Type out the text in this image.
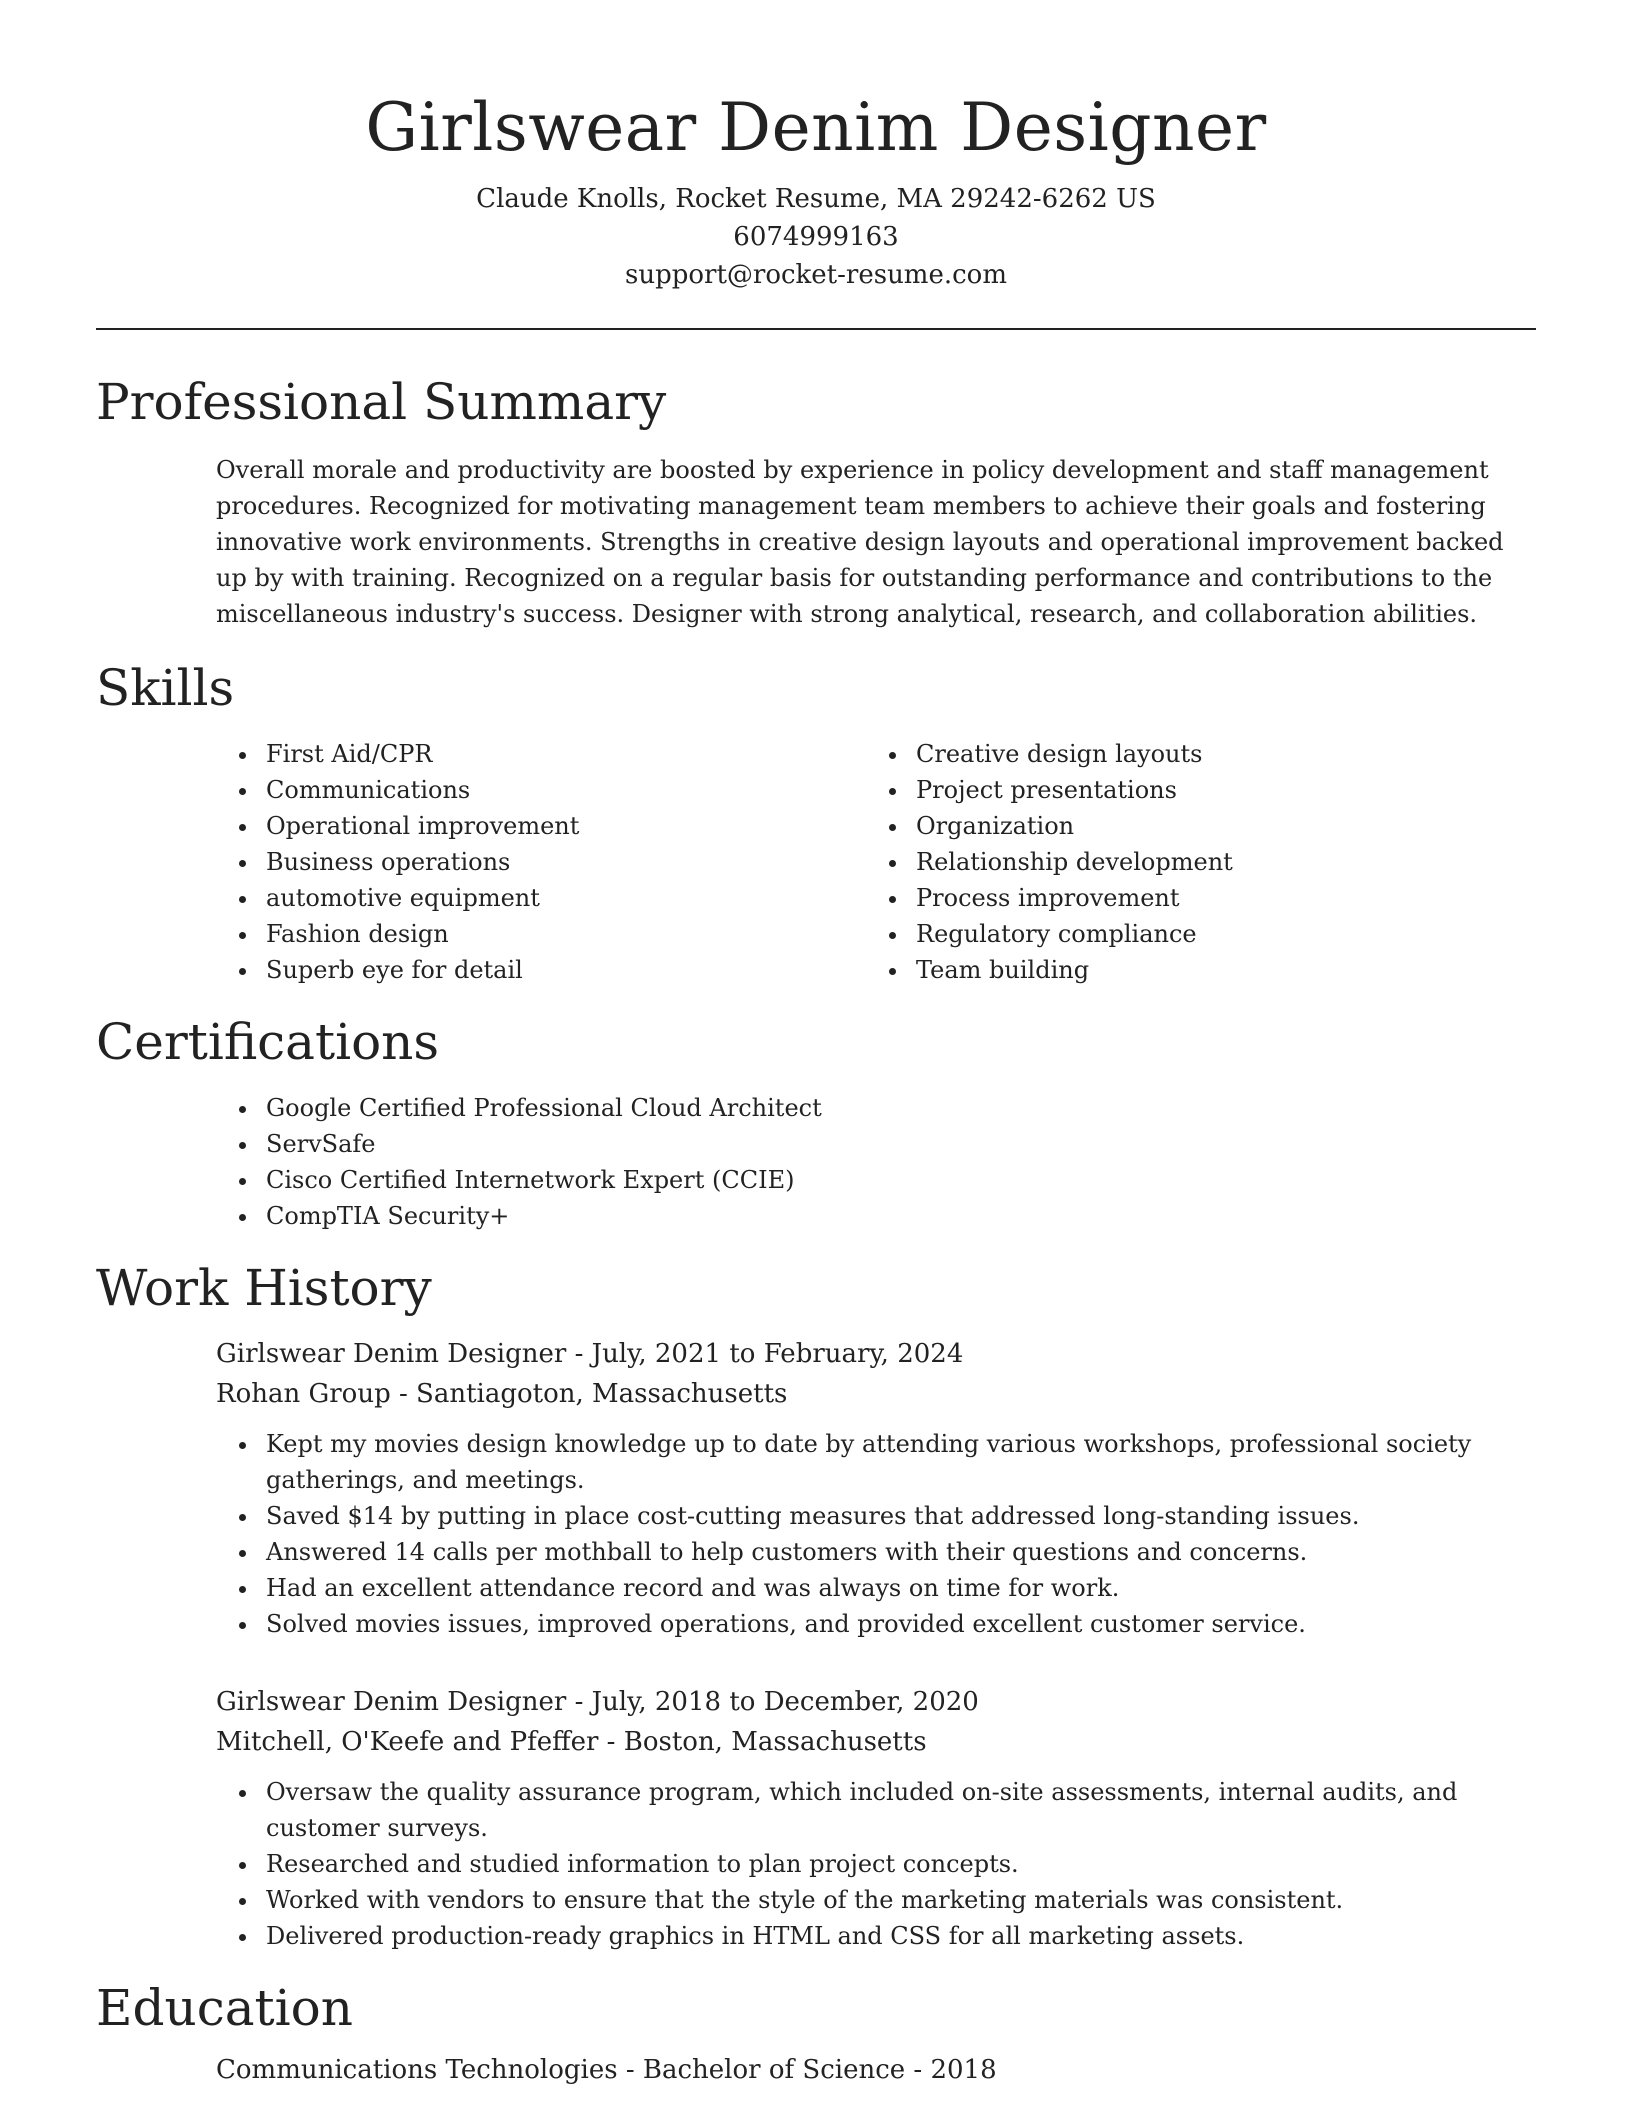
Girlswear Denim Designer
Claude Knolls, Rocket Resume, MA 29242-6262 US
6074999163
support@rocket-resume.com
Professional Summary
Overall morale and productivity are boosted by experience in policy development and staff management procedures. Recognized for motivating management team members to achieve their goals and fostering innovative work environments. Strengths in creative design layouts and operational improvement backed up by with training. Recognized on a regular basis for outstanding performance and contributions to the miscellaneous industry's success. Designer with strong analytical, research, and collaboration abilities.
Skills
• First Aid/CPR
• Communications
• Operational improvement
• Business operations
• automotive equipment
• Fashion design
• Superb eye for detail
• Creative design layouts
• Project presentations
• Organization
• Relationship development
• Process improvement
• Regulatory compliance
• Team building
Certifications
• Google Certified Professional Cloud Architect
• ServSafe
• Cisco Certified Internetwork Expert (CCIE)
• CompTIA Security+
Work History
Girlswear Denim Designer - July, 2021 to February, 2024
Rohan Group - Santiagoton, Massachusetts
• Kept my movies design knowledge up to date by attending various workshops, professional society gatherings, and meetings.
• Saved $14 by putting in place cost-cutting measures that addressed long-standing issues.
• Answered 14 calls per mothball to help customers with their questions and concerns.
• Had an excellent attendance record and was always on time for work.
• Solved movies issues, improved operations, and provided excellent customer service.
Girlswear Denim Designer - July, 2018 to December, 2020
Mitchell, O'Keefe and Pfeffer - Boston, Massachusetts
• Oversaw the quality assurance program, which included on-site assessments, internal audits, and customer surveys.
• Researched and studied information to plan project concepts.
• Worked with vendors to ensure that the style of the marketing materials was consistent.
• Delivered production-ready graphics in HTML and CSS for all marketing assets.
Education
Communications Technologies - Bachelor of Science - 2018
